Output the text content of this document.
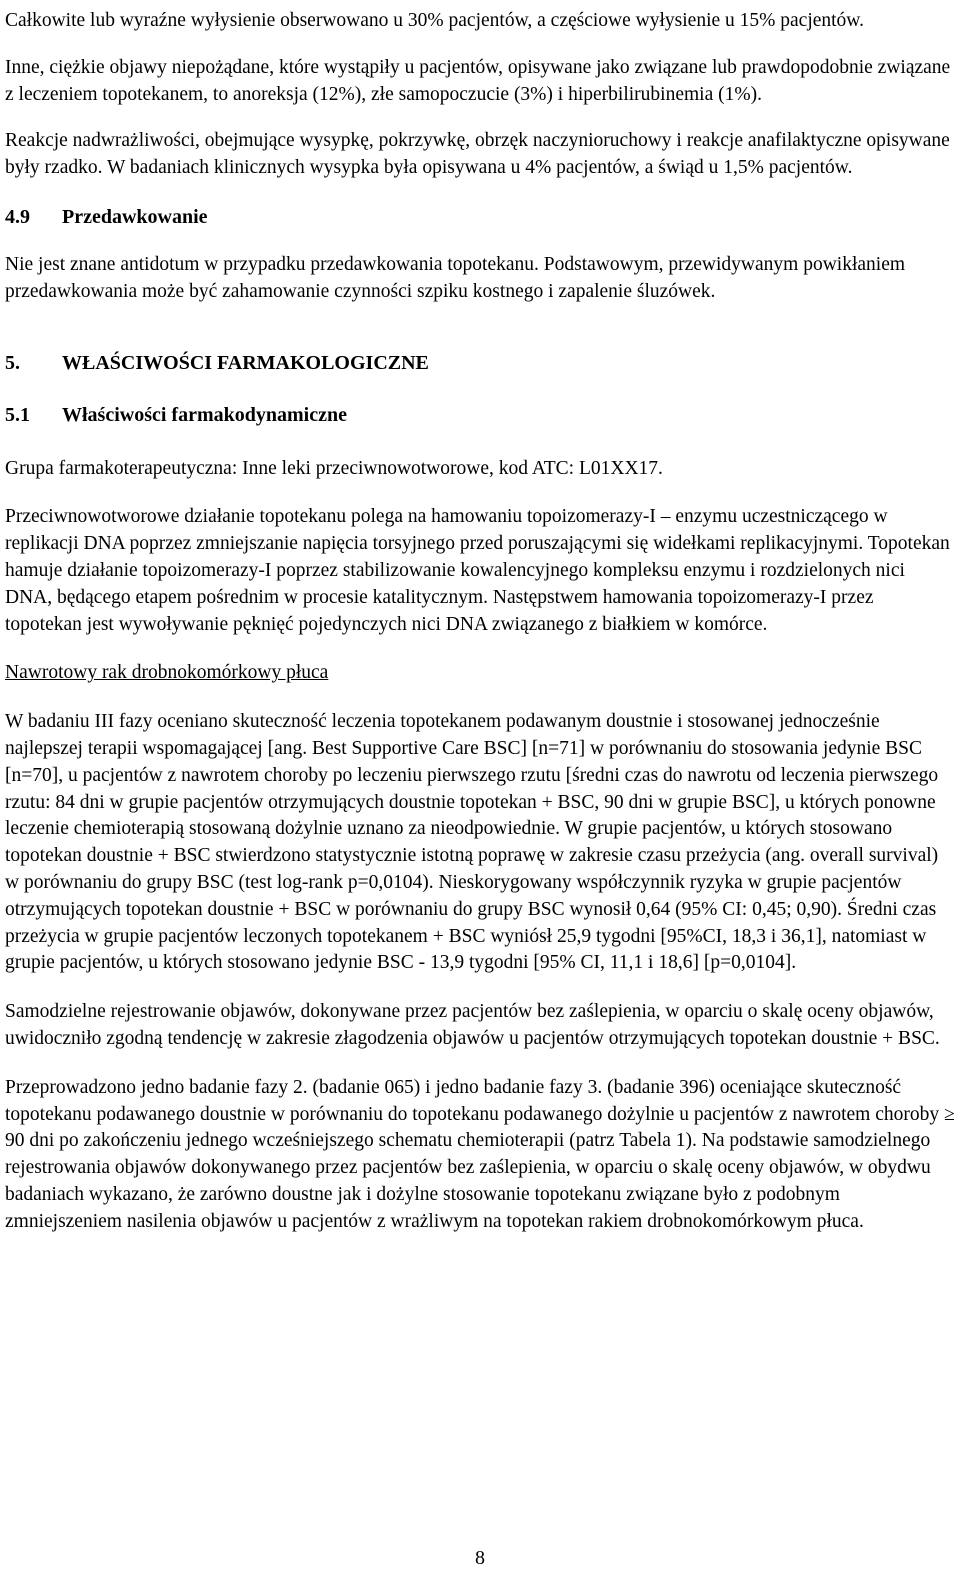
Całkowite lub wyraźne wyłysienie obserwowano u 30% pacjentów, a częściowe wyłysienie u 15% pacjentów.

Inne, ciężkie objawy niepożądane, które wystąpiły u pacjentów, opisywane jako związane lub prawdopodobnie związane z leczeniem topotekanem, to anoreksja (12%), złe samopoczucie (3%) i hiperbilirubinemia (1%).

Reakcje nadwrażliwości, obejmujące wysypkę, pokrzywkę, obrzęk naczynioruchowy i reakcje anafilaktyczne opisywane były rzadko. W badaniach klinicznych wysypka była opisywana u 4% pacjentów, a świąd u 1,5% pacjentów.

4.9 Przedawkowanie

Nie jest znane antidotum w przypadku przedawkowania topotekanu. Podstawowym, przewidywanym powikłaniem przedawkowania może być zahamowanie czynności szpiku kostnego i zapalenie śluzówek.

5. WŁAŚCIWOŚCI FARMAKOLOGICZNE
5.1 Właściwości farmakodynamiczne

Grupa farmakoterapeutyczna: Inne leki przeciwnowotworowe, kod ATC: L01XX17.

Przeciwnowotworowe działanie topotekanu polega na hamowaniu topoizomerazy-I – enzymu uczestniczącego w replikacji DNA poprzez zmniejszanie napięcia torsyjnego przed poruszającymi się widełkami replikacyjnymi. Topotekan hamuje działanie topoizomerazy-I poprzez stabilizowanie kowalencyjnego kompleksu enzymu i rozdzielonych nici DNA, będącego etapem pośrednim w procesie katalitycznym. Następstwem hamowania topoizomerazy-I przez topotekan jest wywoływanie pęknięć pojedynczych nici DNA związanego z białkiem w komórce.

Nawrotowy rak drobnokomórkowy płuca

W badaniu III fazy oceniano skuteczność leczenia topotekanem podawanym doustnie i stosowanej jednocześnie najlepszej terapii wspomagającej [ang. Best Supportive Care BSC] [n=71] w porównaniu do stosowania jedynie BSC [n=70], u pacjentów z nawrotem choroby po leczeniu pierwszego rzutu [średni czas do nawrotu od leczenia pierwszego rzutu: 84 dni w grupie pacjentów otrzymujących doustnie topotekan + BSC, 90 dni w grupie BSC], u których ponowne leczenie chemioterapią stosowaną dożylnie uznano za nieodpowiednie. W grupie pacjentów, u których stosowano topotekan doustnie + BSC stwierdzono statystycznie istotną poprawę w zakresie czasu przeżycia (ang. overall survival) w porównaniu do grupy BSC (test log-rank p=0,0104). Nieskorygowany współczynnik ryzyka w grupie pacjentów otrzymujących topotekan doustnie + BSC w porównaniu do grupy BSC wynosił 0,64 (95% CI: 0,45; 0,90). Średni czas przeżycia w grupie pacjentów leczonych topotekanem + BSC wyniósł 25,9 tygodni [95%CI, 18,3 i 36,1], natomiast w grupie pacjentów, u których stosowano jedynie BSC - 13,9 tygodni [95% CI, 11,1 i 18,6] [p=0,0104].

Samodzielne rejestrowanie objawów, dokonywane przez pacjentów bez zaślepienia, w oparciu o skalę oceny objawów, uwidoczniło zgodną tendencję w zakresie złagodzenia objawów u pacjentów otrzymujących topotekan doustnie + BSC.

Przeprowadzono jedno badanie fazy 2. (badanie 065) i jedno badanie fazy 3. (badanie 396) oceniające skuteczność topotekanu podawanego doustnie w porównaniu do topotekanu podawanego dożylnie u pacjentów z nawrotem choroby ≥ 90 dni po zakończeniu jednego wcześniejszego schematu chemioterapii (patrz Tabela 1). Na podstawie samodzielnego rejestrowania objawów dokonywanego przez pacjentów bez zaślepienia, w oparciu o skalę oceny objawów, w obydwu badaniach wykazano, że zarówno doustne jak i dożylne stosowanie topotekanu związane było z podobnym zmniejszeniem nasilenia objawów u pacjentów z wrażliwym na topotekan rakiem drobnokomórkowym płuca.

8
